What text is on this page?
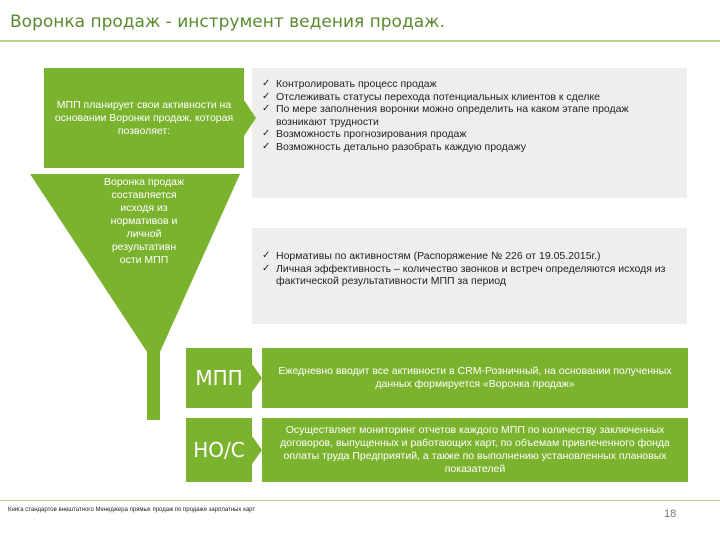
Воронка продаж - инструмент ведения продаж.
МПП планирует свои активности на основании Воронки продаж, которая позволяет:
✓ Контролировать процесс продаж
✓ Отслеживать статусы перехода потенциальных клиентов к сделке
✓ По мере заполнения воронки можно определить на каком этапе продаж возникают трудности
✓ Возможность прогнозирования продаж
✓ Возможность детально разобрать каждую продажу
Воронка продаж составляется исходя из нормативов и личной результативн ости МПП	✓ Нормативы по активностям (Распоряжение № 226 от 19.05.2015г.)
✓ Личная эффективность – количество звонков и встреч определяются исходя из фактической результативности МПП за период
МПП	Ежедневно вводит все активности в CRM-Розничный, на основании полученных данных формируется «Воронка продаж»
НО/С
Осуществляет мониторинг отчетов каждого МПП по количеству заключенных договоров, выпущенных и работающих карт, по объемам привлеченного фонда оплаты труда Предприятий, а также по выполнению установленных плановых показателей
Книга стандартов внештатного Менеджера прямых продаж по продаже зарплатных карт	18
